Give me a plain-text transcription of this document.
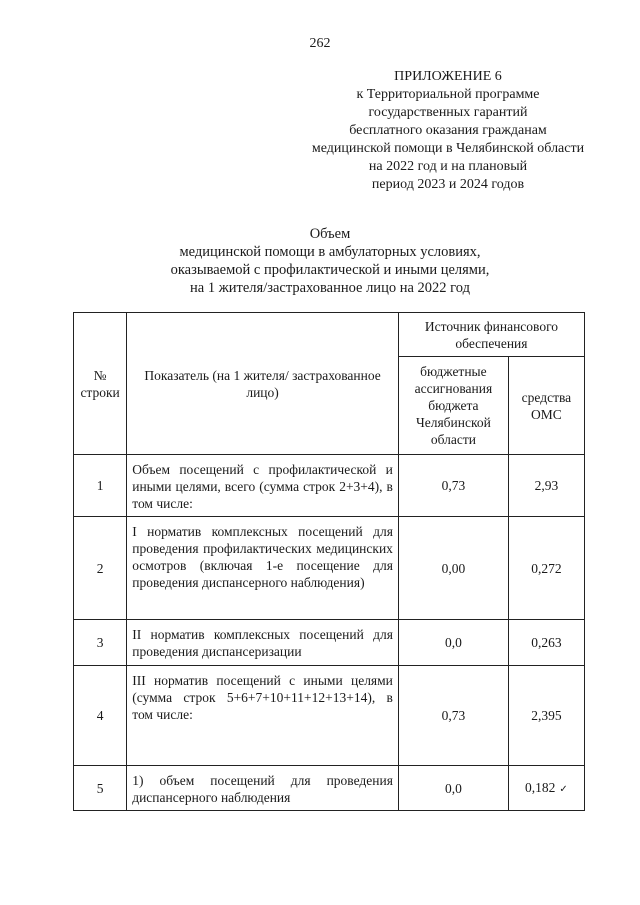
262
ПРИЛОЖЕНИЕ 6
к Территориальной программе
государственных гарантий
бесплатного оказания гражданам
медицинской помощи в Челябинской области
на 2022 год и на плановый
период 2023 и 2024 годов
Объем
медицинской помощи в амбулаторных условиях,
оказываемой с профилактической и иными целями,
на 1 жителя/застрахованное лицо на 2022 год
№ строки	Показатель (на 1 жителя/ застрахованное лицо)	Источник финансового обеспечения	
		бюджетные ассигнования бюджета Челябинской области	средства ОМС
1	Объем посещений с профилактической и иными целями, всего (сумма строк 2+3+4), в том числе:	0,73	2,93
2	I норматив комплексных посещений для проведения профилактических медицинских осмотров (включая 1-е посещение для проведения диспансерного наблюдения)	0,00	0,272
3	II норматив комплексных посещений для проведения диспансеризации	0,0	0,263
4	III норматив посещений с иными целями (сумма строк 5+6+7+10+11+12+13+14), в том числе:	0,73	2,395
5	1) объем посещений для проведения диспансерного наблюдения	0,0	0,182 ✓
